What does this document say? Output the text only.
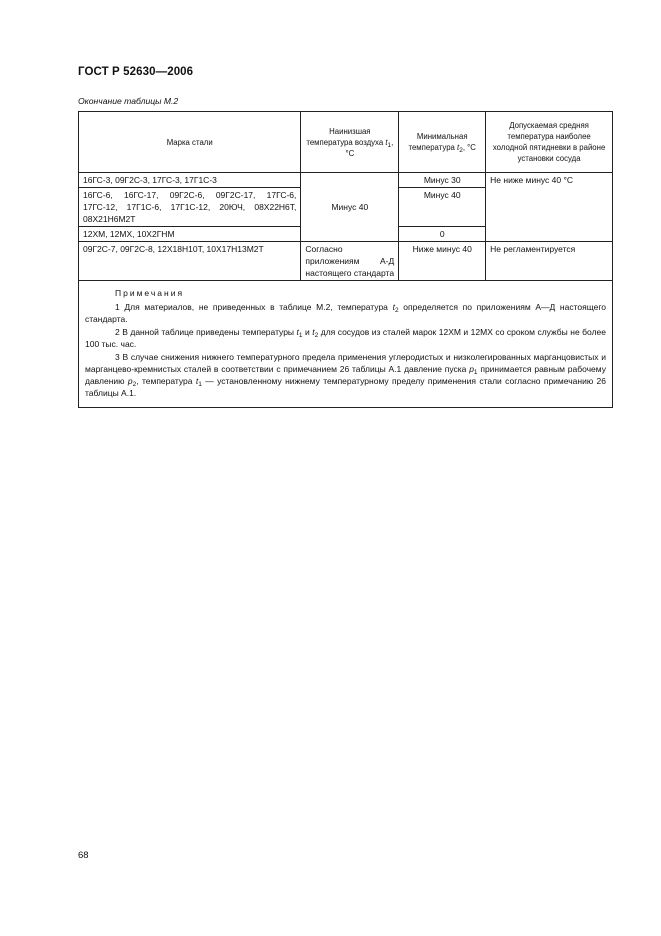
ГОСТ Р 52630—2006
Окончание таблицы М.2
Марка стали	Наинизшая температура воздуха $t_1$, °С	Минимальная температура $t_2$, °С	Допускаемая средняя температура наиболее холодной пятидневки в районе установки сосуда
16ГС-3, 09Г2С-3, 17ГС-3, 17Г1С-3	Минус 40	Минус 30	Не ниже минус 40 °С
16ГС-6, 16ГС-17, 09Г2С-6, 09Г2С-17, 17ГС-6, 17ГС-12, 17Г1С-6, 17Г1С-12, 20ЮЧ, 08Х22Н6Т, 08Х21Н6М2Т		Минус 40	
12ХМ, 12МХ, 10Х2ГНМ		0	
09Г2С-7, 09Г2С-8, 12Х18Н10Т, 10Х17Н13М2Т	Согласно приложениям А-Д настоящего стандарта	Ниже минус 40	Не регламентируется

Примечания

1 Для материалов, не приведенных в таблице М.2, температура $t_2$ определяется по приложениям А—Д настоящего стандарта.

2 В данной таблице приведены температуры $t_1$ и $t_2$ для сосудов из сталей марок 12ХМ и 12МХ со сроком службы не более 100 тыс. час.

3 В случае снижения нижнего температурного предела применения углеродистых и низколегированных марганцовистых и марганцево-кремнистых сталей в соответствии с примечанием 26 таблицы А.1 давление пуска $р_1$ принимается равным рабочему давлению $р_2$, температура $t_1$ — установленному нижнему температурному пределу применения стали согласно примечанию 26 таблицы А.1.			

68
